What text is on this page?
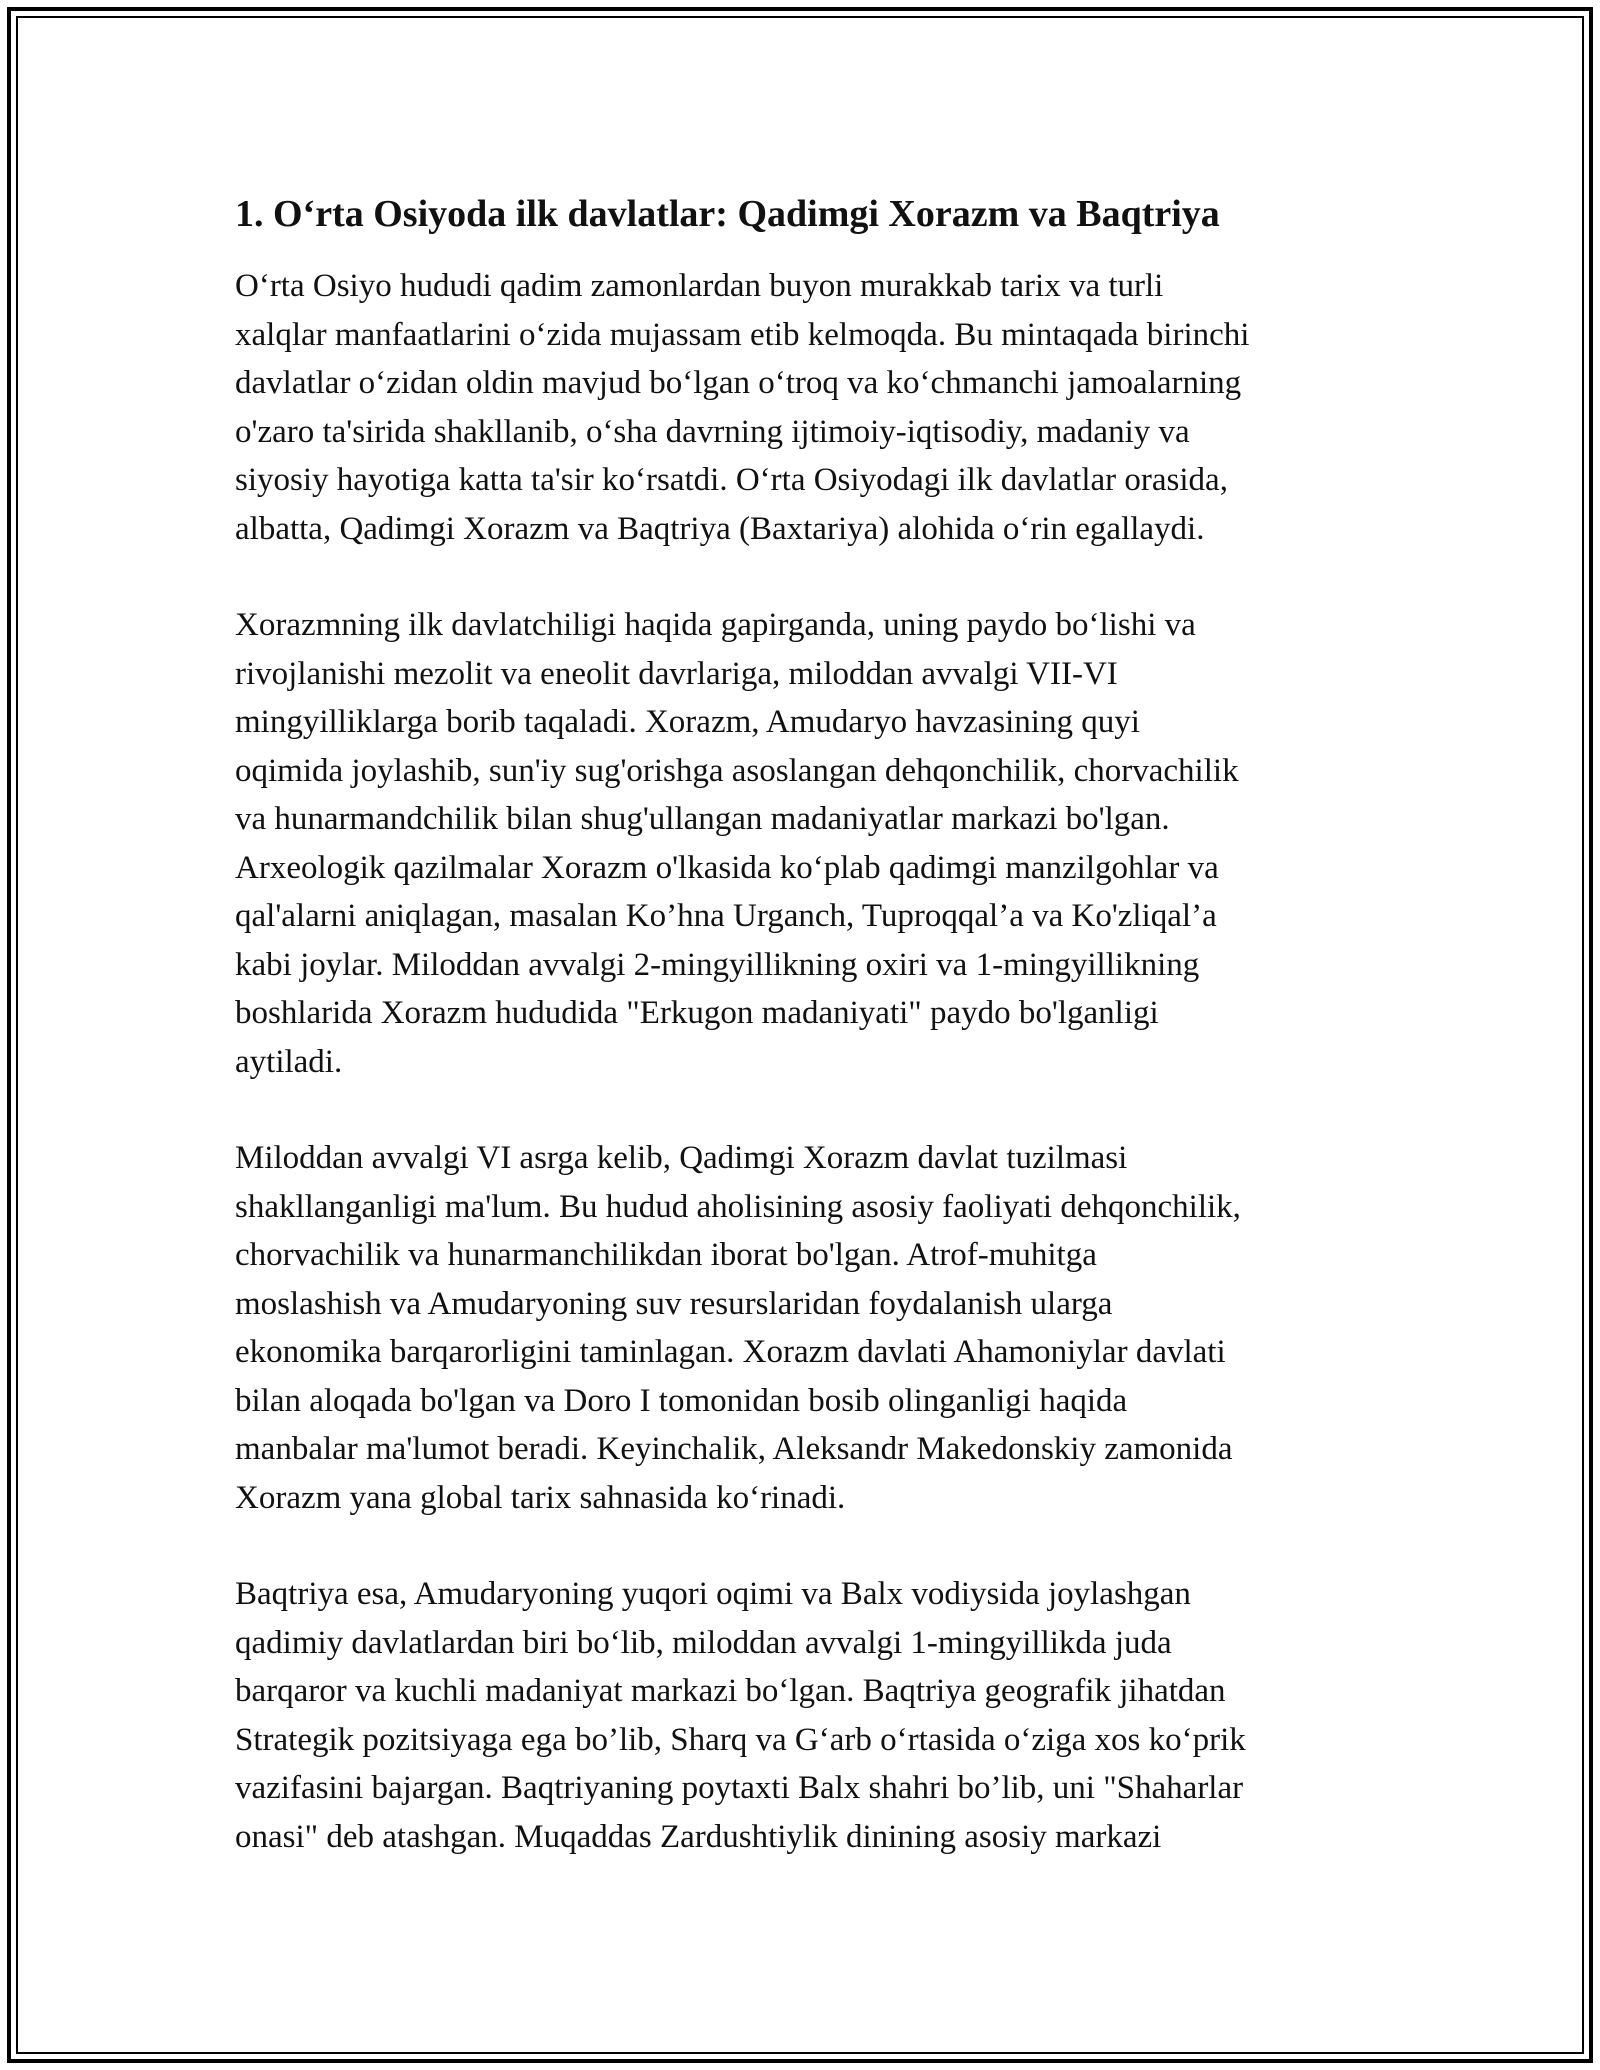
1. O‘rta Osiyoda ilk davlatlar: Qadimgi Xorazm va Baqtriya

O‘rta Osiyo hududi qadim zamonlardan buyon murakkab tarix va turli
xalqlar manfaatlarini o‘zida mujassam etib kelmoqda. Bu mintaqada birinchi
davlatlar o‘zidan oldin mavjud bo‘lgan o‘troq va ko‘chmanchi jamoalarning
o'zaro ta'sirida shakllanib, o‘sha davrning ijtimoiy-iqtisodiy, madaniy va
siyosiy hayotiga katta ta'sir ko‘rsatdi. O‘rta Osiyodagi ilk davlatlar orasida,
albatta, Qadimgi Xorazm va Baqtriya (Baxtariya) alohida o‘rin egallaydi.

Xorazmning ilk davlatchiligi haqida gapirganda, uning paydo bo‘lishi va
rivojlanishi mezolit va eneolit davrlariga, miloddan avvalgi VII-VI
mingyilliklarga borib taqaladi. Xorazm, Amudaryo havzasining quyi
oqimida joylashib, sun'iy sug'orishga asoslangan dehqonchilik, chorvachilik
va hunarmandchilik bilan shug'ullangan madaniyatlar markazi bo'lgan.
Arxeologik qazilmalar Xorazm o'lkasida ko‘plab qadimgi manzilgohlar va
qal'alarni aniqlagan, masalan Ko’hna Urganch, Tuproqqal’a va Ko'zliqal’a
kabi joylar. Miloddan avvalgi 2-mingyillikning oxiri va 1-mingyillikning
boshlarida Xorazm hududida "Erkugon madaniyati" paydo bo'lganligi
aytiladi.

Miloddan avvalgi VI asrga kelib, Qadimgi Xorazm davlat tuzilmasi
shakllanganligi ma'lum. Bu hudud aholisining asosiy faoliyati dehqonchilik,
chorvachilik va hunarmanchilikdan iborat bo'lgan. Atrof-muhitga
moslashish va Amudaryoning suv resurslaridan foydalanish ularga
ekonomika barqarorligini taminlagan. Xorazm davlati Ahamoniylar davlati
bilan aloqada bo'lgan va Doro I tomonidan bosib olinganligi haqida
manbalar ma'lumot beradi. Keyinchalik, Aleksandr Makedonskiy zamonida
Xorazm yana global tarix sahnasida ko‘rinadi.

Baqtriya esa, Amudaryoning yuqori oqimi va Balx vodiysida joylashgan
qadimiy davlatlardan biri bo‘lib, miloddan avvalgi 1-mingyillikda juda
barqaror va kuchli madaniyat markazi bo‘lgan. Baqtriya geografik jihatdan
Strategik pozitsiyaga ega bo’lib, Sharq va G‘arb o‘rtasida o‘ziga xos ko‘prik
vazifasini bajargan. Baqtriyaning poytaxti Balx shahri bo’lib, uni "Shaharlar
onasi" deb atashgan. Muqaddas Zardushtiylik dinining asosiy markazi
